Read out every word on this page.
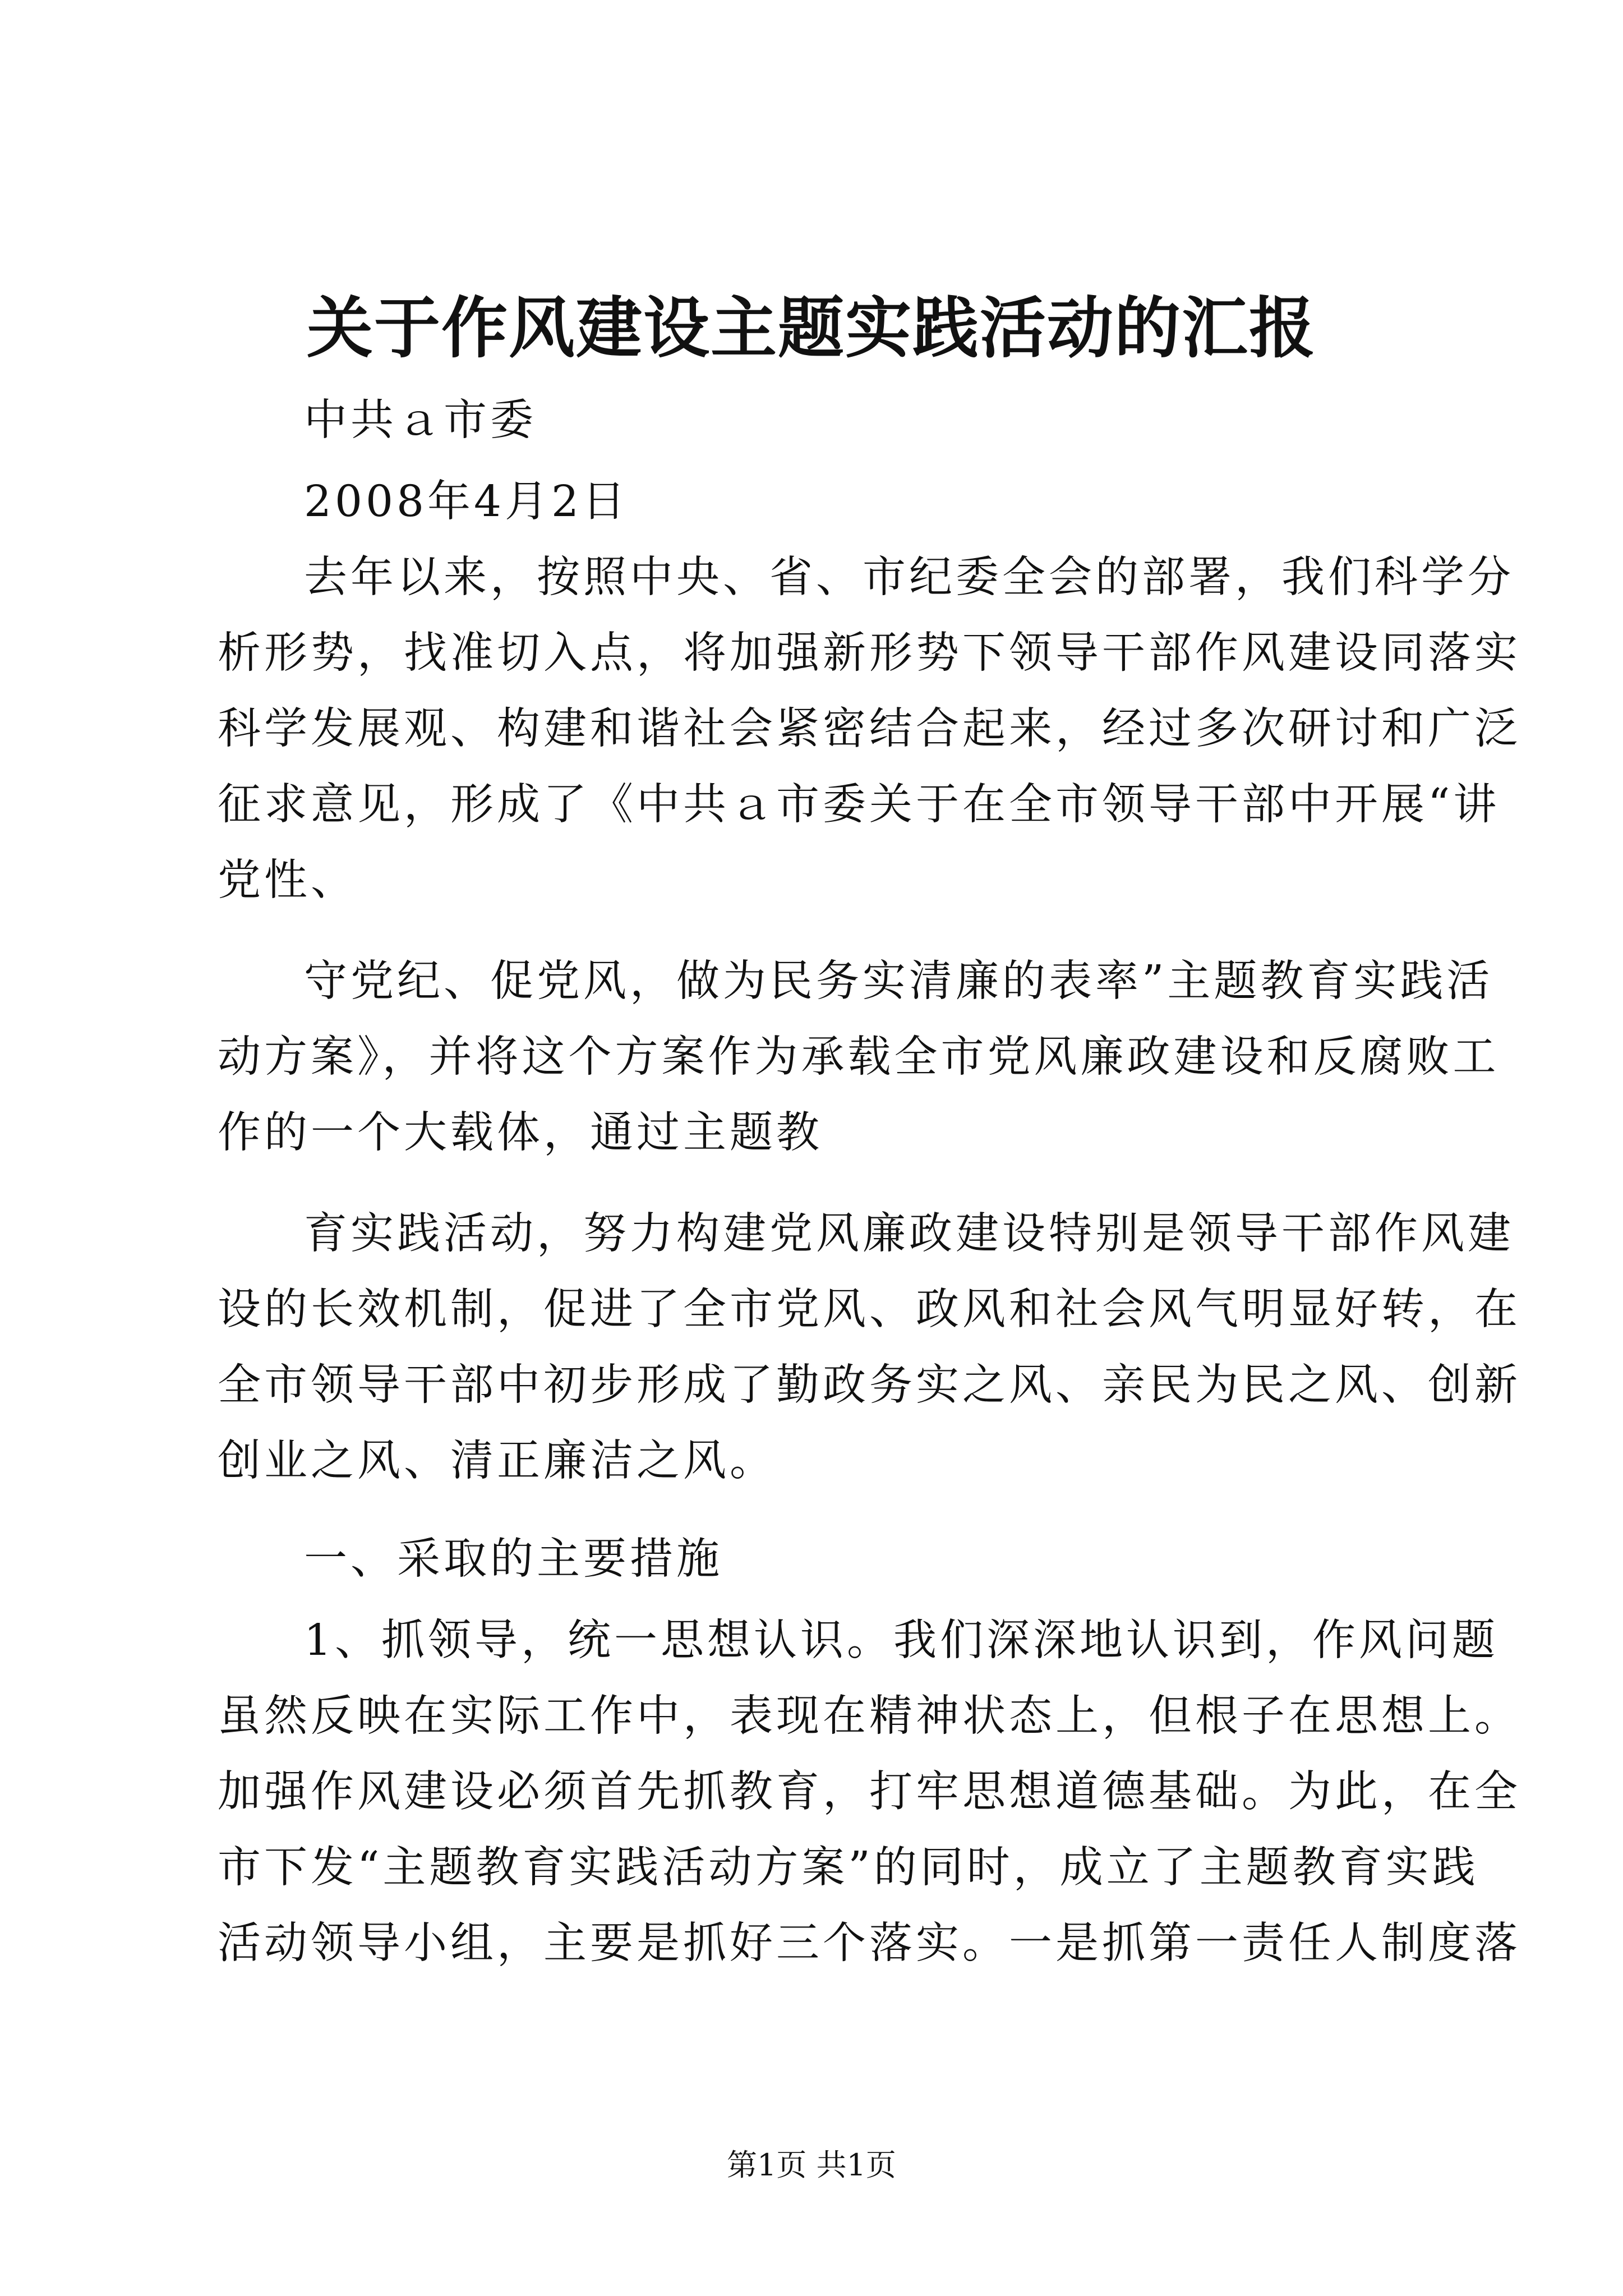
关于作风建设主题实践活动的汇报
中共ａ市委
2008年4月2日
去年以来，按照中央、省、市纪委全会的部署，我们科学分
析形势，找准切入点，将加强新形势下领导干部作风建设同落实
科学发展观、构建和谐社会紧密结合起来，经过多次研讨和广泛
征求意见，形成了《中共ａ市委关于在全市领导干部中开展“讲
党性、
守党纪、促党风，做为民务实清廉的表率”主题教育实践活
动方案》，并将这个方案作为承载全市党风廉政建设和反腐败工
作的一个大载体，通过主题教
育实践活动，努力构建党风廉政建设特别是领导干部作风建
设的长效机制，促进了全市党风、政风和社会风气明显好转，在
全市领导干部中初步形成了勤政务实之风、亲民为民之风、创新
创业之风、清正廉洁之风。
一、采取的主要措施
1、抓领导，统一思想认识。我们深深地认识到，作风问题
虽然反映在实际工作中，表现在精神状态上，但根子在思想上。
加强作风建设必须首先抓教育，打牢思想道德基础。为此，在全
市下发“主题教育实践活动方案”的同时，成立了主题教育实践
活动领导小组，主要是抓好三个落实。一是抓第一责任人制度落
第1页 共1页
